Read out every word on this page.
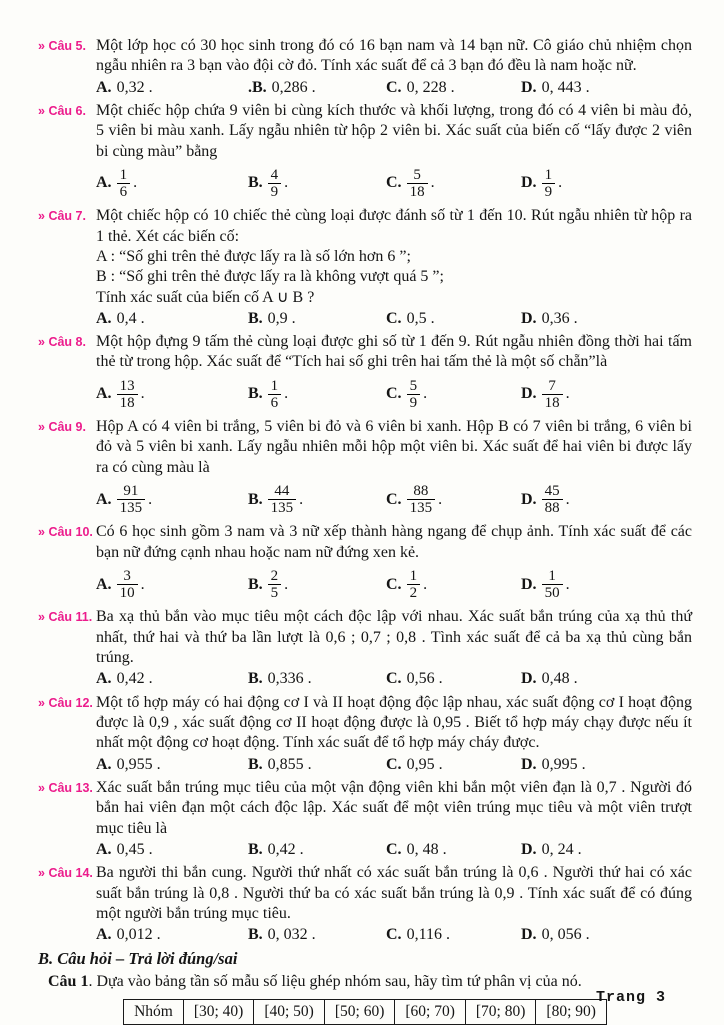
» Câu 5. Một lớp học có 30 học sinh trong đó có 16 bạn nam và 14 bạn nữ. Cô giáo chủ nhiệm chọn ngẫu nhiên ra 3 bạn vào đội cờ đỏ. Tính xác suất để cả 3 bạn đó đều là nam hoặc nữ.
A. 0,32 .	.B. 0,286 .	C. 0, 228 .	D. 0, 443 .
» Câu 6. Một chiếc hộp chứa 9 viên bi cùng kích thước và khối lượng, trong đó có 4 viên bi màu đỏ, 5 viên bi màu xanh. Lấy ngẫu nhiên từ hộp 2 viên bi. Xác suất của biến cố “lấy được 2 viên bi cùng màu” bằng
A. $\frac{1}{6}$ .	B. $\frac{4}{9}$ .	C. $\frac{5}{18}$ .	D. $\frac{1}{9}$ .
» Câu 7. Một chiếc hộp có 10 chiếc thẻ cùng loại được đánh số từ 1 đến 10. Rút ngẫu nhiên từ hộp ra 1 thẻ. Xét các biến cố:
A : “Số ghi trên thẻ được lấy ra là số lớn hơn 6 ”;
B : “Số ghi trên thẻ được lấy ra là không vượt quá 5 ”;
Tính xác suất của biến cố A ∪ B ?
A. 0,4 .	B. 0,9 .	C. 0,5 .	D. 0,36 .
» Câu 8. Một hộp đựng 9 tấm thẻ cùng loại được ghi số từ 1 đến 9. Rút ngẫu nhiên đồng thời hai tấm thẻ từ trong hộp. Xác suất để “Tích hai số ghi trên hai tấm thẻ là một số chẵn”là
A. $\frac{13}{18}$ .	B. $\frac{1}{6}$ .	C. $\frac{5}{9}$ .	D. $\frac{7}{18}$ .
» Câu 9. Hộp A có 4 viên bi trắng, 5 viên bi đỏ và 6 viên bi xanh. Hộp B có 7 viên bi trắng, 6 viên bi đỏ và 5 viên bi xanh. Lấy ngẫu nhiên mỗi hộp một viên bi. Xác suất để hai viên bi được lấy ra có cùng màu là
A. $\frac{91}{135}$ .	B. $\frac{44}{135}$ .	C. $\frac{88}{135}$ .	D. $\frac{45}{88}$ .
» Câu 10. Có 6 học sinh gồm 3 nam và 3 nữ xếp thành hàng ngang để chụp ảnh. Tính xác suất để các bạn nữ đứng cạnh nhau hoặc nam nữ đứng xen kẻ.
A. $\frac{3}{10}$ .	B. $\frac{2}{5}$ .	C. $\frac{1}{2}$ .	D. $\frac{1}{50}$ .
» Câu 11. Ba xạ thủ bắn vào mục tiêu một cách độc lập với nhau. Xác suất bắn trúng của xạ thủ thứ nhất, thứ hai và thứ ba lần lượt là 0,6 ; 0,7 ; 0,8 . Tình xác suất để cả ba xạ thủ cùng bắn trúng.
A. 0,42 .	B. 0,336 .	C. 0,56 .	D. 0,48 .
» Câu 12. Một tổ hợp máy có hai động cơ I và II hoạt động độc lập nhau, xác suất động cơ I hoạt động được là 0,9 , xác suất động cơ II hoạt động được là 0,95 . Biết tổ hợp máy chạy được nếu ít nhất một động cơ hoạt động. Tính xác suất để tổ hợp máy cháy được.
A. 0,955 .	B. 0,855 .	C. 0,95 .	D. 0,995 .
» Câu 13. Xác suất bắn trúng mục tiêu của một vận động viên khi bắn một viên đạn là 0,7 . Người đó bắn hai viên đạn một cách độc lập. Xác suất để một viên trúng mục tiêu và một viên trượt mục tiêu là
A. 0,45 .	B. 0,42 .	C. 0, 48 .	D. 0, 24 .
» Câu 14. Ba người thi bắn cung. Người thứ nhất có xác suất bắn trúng là 0,6 . Người thứ hai có xác suất bắn trúng là 0,8 . Người thứ ba có xác suất bắn trúng là 0,9 . Tính xác suất để có đúng một người bắn trúng mục tiêu.
A. 0,012 .	B. 0, 032 .	C. 0,116 .	D. 0, 056 .
B. Câu hỏi – Trả lời đúng/sai
Câu 1. Dựa vào bảng tần số mẫu số liệu ghép nhóm sau, hãy tìm tứ phân vị của nó.
Nhóm	[30; 40)	[40; 50)	[50; 60)	[60; 70)	[70; 80)	[80; 90)
Trang 3
